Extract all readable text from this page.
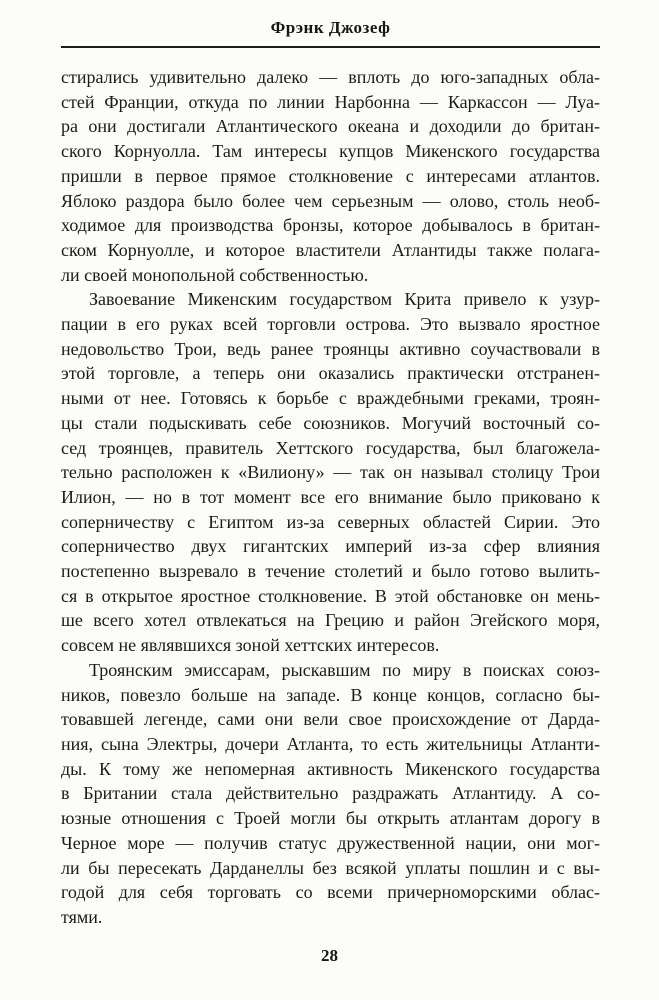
Фрэнк Джозеф
стирались удивительно далеко — вплоть до юго-западных обла-
стей Франции, откуда по линии Нарбонна — Каркассон — Луа-
ра они достигали Атлантического океана и доходили до британ-
ского Корнуолла. Там интересы купцов Микенского государства
пришли в первое прямое столкновение с интересами атлантов.
Яблоко раздора было более чем серьезным — олово, столь необ-
ходимое для производства бронзы, которое добывалось в британ-
ском Корнуолле, и которое властители Атлантиды также полага-
ли своей монопольной собственностью.
Завоевание Микенским государством Крита привело к узур-
пации в его руках всей торговли острова. Это вызвало яростное
недовольство Трои, ведь ранее троянцы активно соучаствовали в
этой торговле, а теперь они оказались практически отстранен-
ными от нее. Готовясь к борьбе с враждебными греками, троян-
цы стали подыскивать себе союзников. Могучий восточный со-
сед троянцев, правитель Хеттского государства, был благожела-
тельно расположен к «Вилиону» — так он называл столицу Трои
Илион, — но в тот момент все его внимание было приковано к
соперничеству с Египтом из-за северных областей Сирии. Это
соперничество двух гигантских империй из-за сфер влияния
постепенно вызревало в течение столетий и было готово вылить-
ся в открытое яростное столкновение. В этой обстановке он мень-
ше всего хотел отвлекаться на Грецию и район Эгейского моря,
совсем не являвшихся зоной хеттских интересов.
Троянским эмиссарам, рыскавшим по миру в поисках союз-
ников, повезло больше на западе. В конце концов, согласно бы-
товавшей легенде, сами они вели свое происхождение от Дарда-
ния, сына Электры, дочери Атланта, то есть жительницы Атланти-
ды. К тому же непомерная активность Микенского государства
в Британии стала действительно раздражать Атлантиду. А со-
юзные отношения с Троей могли бы открыть атлантам дорогу в
Черное море — получив статус дружественной нации, они мог-
ли бы пересекать Дарданеллы без всякой уплаты пошлин и с вы-
годой для себя торговать со всеми причерноморскими облас-
тями.
28
